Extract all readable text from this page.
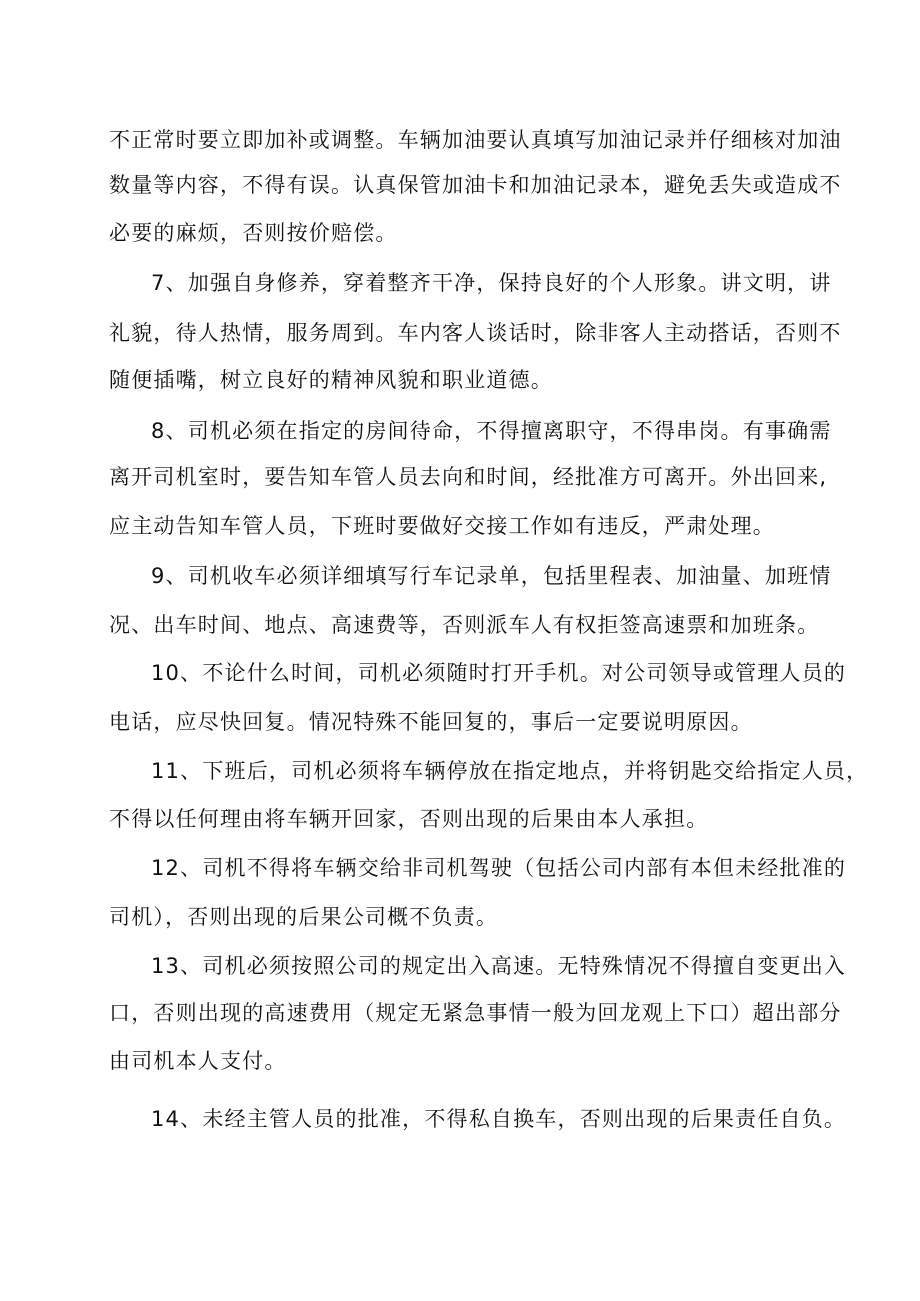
不正常时要立即加补或调整。车辆加油要认真填写加油记录并仔细核对加油
数量等内容，不得有误。认真保管加油卡和加油记录本，避免丢失或造成不
必要的麻烦，否则按价赔偿。
7、加强自身修养，穿着整齐干净，保持良好的个人形象。讲文明，讲
礼貌，待人热情，服务周到。车内客人谈话时，除非客人主动搭话，否则不
随便插嘴，树立良好的精神风貌和职业道德。
8、司机必须在指定的房间待命，不得擅离职守，不得串岗。有事确需
离开司机室时，要告知车管人员去向和时间，经批准方可离开。外出回来,
应主动告知车管人员，下班时要做好交接工作如有违反，严肃处理。
9、司机收车必须详细填写行车记录单，包括里程表、加油量、加班情
况、出车时间、地点、高速费等，否则派车人有权拒签高速票和加班条。
10、不论什么时间，司机必须随时打开手机。对公司领导或管理人员的
电话，应尽快回复。情况特殊不能回复的，事后一定要说明原因。
11、下班后，司机必须将车辆停放在指定地点，并将钥匙交给指定人员，
不得以任何理由将车辆开回家，否则出现的后果由本人承担。
12、司机不得将车辆交给非司机驾驶（包括公司内部有本但未经批准的
司机），否则出现的后果公司概不负责。
13、司机必须按照公司的规定出入高速。无特殊情况不得擅自变更出入
口，否则出现的高速费用（规定无紧急事情一般为回龙观上下口）超出部分
由司机本人支付。
14、未经主管人员的批准，不得私自换车，否则出现的后果责任自负。
